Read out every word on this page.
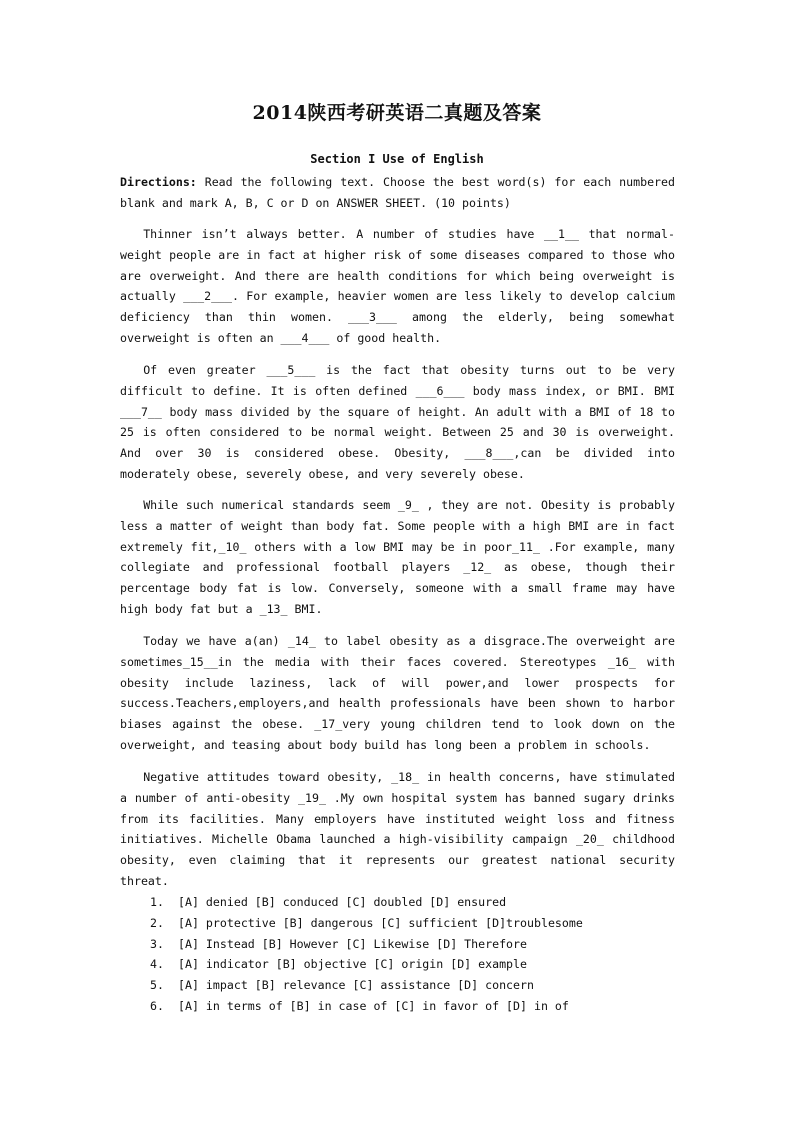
2014陕西考研英语二真题及答案
Section I Use of English
Directions: Read the following text. Choose the best word(s) for each numbered blank and mark A, B, C or D on ANSWER SHEET. (10 points)
Thinner isn’t always better. A number of studies have __1__ that normal-weight people are in fact at higher risk of some diseases compared to those who are overweight. And there are health conditions for which being overweight is actually ___2___. For example, heavier women are less likely to develop calcium deficiency than thin women. ___3___ among the elderly, being somewhat overweight is often an ___4___ of good health.
Of even greater ___5___ is the fact that obesity turns out to be very difficult to define. It is often defined ___6___ body mass index, or BMI. BMI ___7__ body mass divided by the square of height. An adult with a BMI of 18 to 25 is often considered to be normal weight. Between 25 and 30 is overweight. And over 30 is considered obese. Obesity, ___8___,can be divided into moderately obese, severely obese, and very severely obese.
While such numerical standards seem _9_ , they are not. Obesity is probably less a matter of weight than body fat. Some people with a high BMI are in fact extremely fit,_10_ others with a low BMI may be in poor_11_ .For example, many collegiate and professional football players _12_ as obese, though their percentage body fat is low. Conversely, someone with a small frame may have high body fat but a _13_ BMI.
Today we have a(an) _14_ to label obesity as a disgrace.The overweight are sometimes_15__in the media with their faces covered. Stereotypes _16_ with obesity include laziness, lack of will power,and lower prospects for success.Teachers,employers,and health professionals have been shown to harbor biases against the obese. _17_very young children tend to look down on the overweight, and teasing about body build has long been a problem in schools.
Negative attitudes toward obesity, _18_ in health concerns, have stimulated a number of anti-obesity _19_ .My own hospital system has banned sugary drinks from its facilities. Many employers have instituted weight loss and fitness initiatives. Michelle Obama launched a high-visibility campaign _20_ childhood obesity, even claiming that it represents our greatest national security threat.
1.	[A] denied [B] conduced [C] doubled [D] ensured
2.	[A] protective [B] dangerous [C] sufficient [D]troublesome
3.	[A] Instead [B] However [C] Likewise [D] Therefore
4.	[A] indicator [B] objective [C] origin [D] example
5.	[A] impact [B] relevance [C] assistance [D] concern
6.	[A] in terms of [B] in case of [C] in favor of [D] in of
